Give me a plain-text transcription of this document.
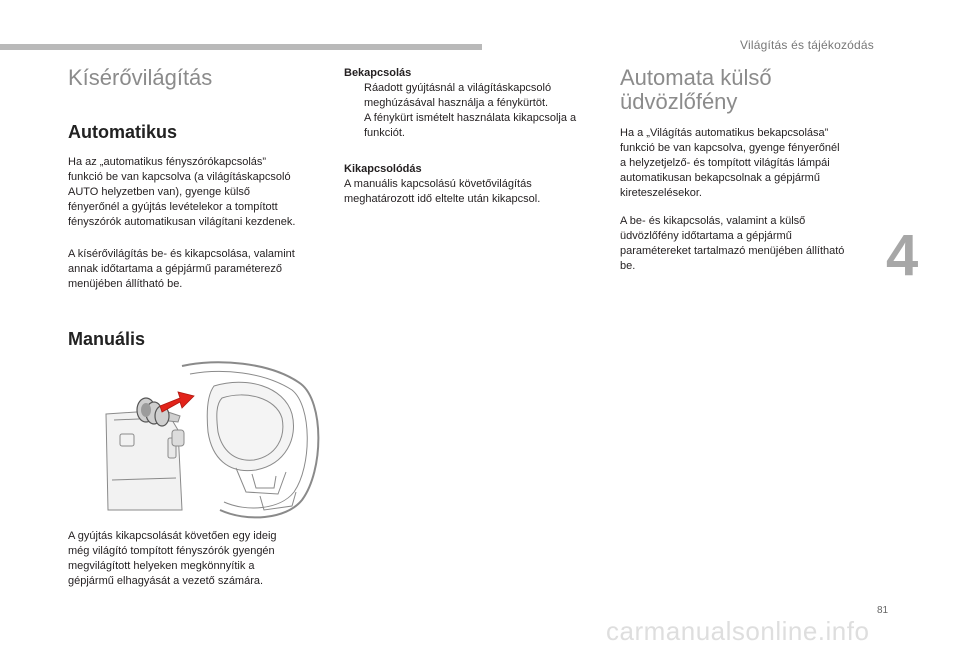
Világítás és tájékozódás
4
81
carmanualsonline.info
Kísérővilágítás
Automatikus

Ha az „automatikus fényszórókapcsolás”
funkció be van kapcsolva (a világításkapcsoló
AUTO helyzetben van), gyenge külső
fényerőnél a gyújtás levételekor a tompított
fényszórók automatikusan világítani kezdenek.

A kísérővilágítás be- és kikapcsolása, valamint
annak időtartama a gépjármű paraméterező
menüjében állítható be.

Manuális

A gyújtás kikapcsolását követően egy ideig
még világító tompított fényszórók gyengén
megvilágított helyeken megkönnyítik a
gépjármű elhagyását a vezető számára.

Bekapcsolás

Ráadott gyújtásnál a világításkapcsoló
meghúzásával használja a fénykürtöt.
A fénykürt ismételt használata kikapcsolja a
funkciót.

Kikapcsolódás

A manuális kapcsolású követővilágítás
meghatározott idő eltelte után kikapcsol.

Automata külső
üdvözlőfény

Ha a „Világítás automatikus bekapcsolása”
funkció be van kapcsolva, gyenge fényerőnél
a helyzetjelző- és tompított világítás lámpái
automatikusan bekapcsolnak a gépjármű
kireteszelésekor.

A be- és kikapcsolás, valamint a külső
üdvözlőfény időtartama a gépjármű
paramétereket tartalmazó menüjében állítható
be.
